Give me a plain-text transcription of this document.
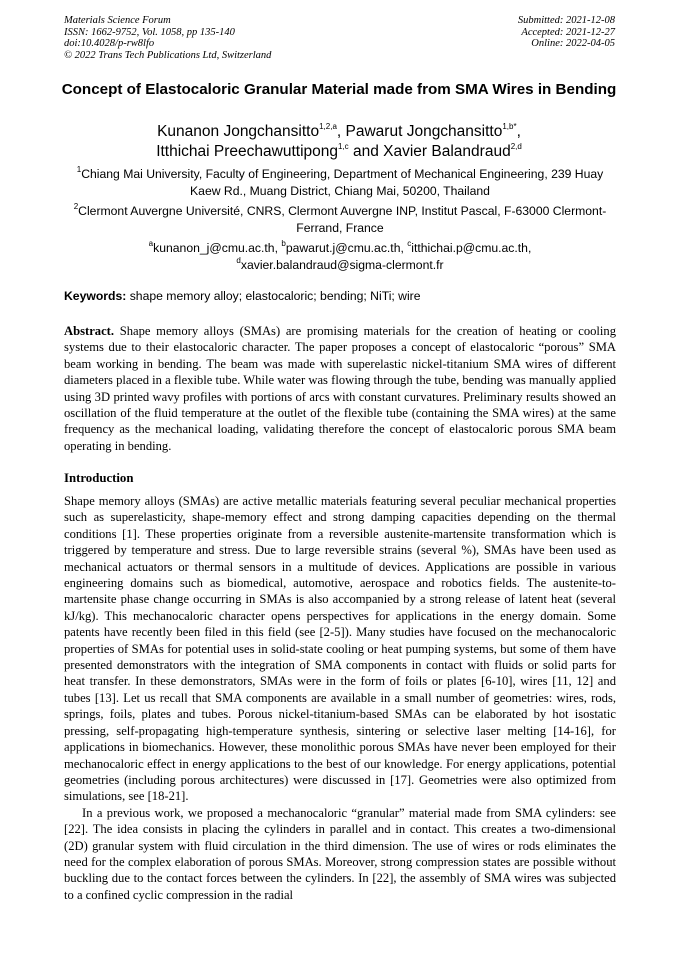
Materials Science Forum
ISSN: 1662-9752, Vol. 1058, pp 135-140
doi:10.4028/p-rw8lfo
© 2022 Trans Tech Publications Ltd, Switzerland
Submitted: 2021-12-08
Accepted: 2021-12-27
Online: 2022-04-05
Concept of Elastocaloric Granular Material made from SMA Wires in Bending
Kunanon Jongchansitto$^{1,2,a}$, Pawarut Jongchansitto$^{1,b*}$,
Itthichai Preechawuttipong$^{1,c}$ and Xavier Balandraud$^{2,d}$
$^1$Chiang Mai University, Faculty of Engineering, Department of Mechanical Engineering, 239 Huay Kaew Rd., Muang District, Chiang Mai, 50200, Thailand
$^2$Clermont Auvergne Université, CNRS, Clermont Auvergne INP, Institut Pascal, F-63000 Clermont-Ferrand, France
$^a$kunanon_j@cmu.ac.th, $^b$pawarut.j@cmu.ac.th, $^c$itthichai.p@cmu.ac.th,
$^d$xavier.balandraud@sigma-clermont.fr
Keywords: shape memory alloy; elastocaloric; bending; NiTi; wire
Abstract. Shape memory alloys (SMAs) are promising materials for the creation of heating or cooling systems due to their elastocaloric character. The paper proposes a concept of elastocaloric “porous” SMA beam working in bending. The beam was made with superelastic nickel-titanium SMA wires of different diameters placed in a flexible tube. While water was flowing through the tube, bending was manually applied using 3D printed wavy profiles with portions of arcs with constant curvatures. Preliminary results showed an oscillation of the fluid temperature at the outlet of the flexible tube (containing the SMA wires) at the same frequency as the mechanical loading, validating therefore the concept of elastocaloric porous SMA beam operating in bending.
Introduction

Shape memory alloys (SMAs) are active metallic materials featuring several peculiar mechanical properties such as superelasticity, shape-memory effect and strong damping capacities depending on the thermal conditions [1]. These properties originate from a reversible austenite-martensite transformation which is triggered by temperature and stress. Due to large reversible strains (several %), SMAs have been used as mechanical actuators or thermal sensors in a multitude of devices. Applications are possible in various engineering domains such as biomedical, automotive, aerospace and robotics fields. The austenite-to-martensite phase change occurring in SMAs is also accompanied by a strong release of latent heat (several kJ/kg). This mechanocaloric character opens perspectives for applications in the energy domain. Some patents have recently been filed in this field (see [2-5]). Many studies have focused on the mechanocaloric properties of SMAs for potential uses in solid-state cooling or heat pumping systems, but some of them have presented demonstrators with the integration of SMA components in contact with fluids or solid parts for heat transfer. In these demonstrators, SMAs were in the form of foils or plates [6-10], wires [11, 12] and tubes [13]. Let us recall that SMA components are available in a small number of geometries: wires, rods, springs, foils, plates and tubes. Porous nickel-titanium-based SMAs can be elaborated by hot isostatic pressing, self-propagating high-temperature synthesis, sintering or selective laser melting [14-16], for applications in biomechanics. However, these monolithic porous SMAs have never been employed for their mechanocaloric effect in energy applications to the best of our knowledge. For energy applications, potential geometries (including porous architectures) were discussed in [17]. Geometries were also optimized from simulations, see [18-21].

In a previous work, we proposed a mechanocaloric “granular” material made from SMA cylinders: see [22]. The idea consists in placing the cylinders in parallel and in contact. This creates a two-dimensional (2D) granular system with fluid circulation in the third dimension. The use of wires or rods eliminates the need for the complex elaboration of porous SMAs. Moreover, strong compression states are possible without buckling due to the contact forces between the cylinders. In [22], the assembly of SMA wires was subjected to a confined cyclic compression in the radial
